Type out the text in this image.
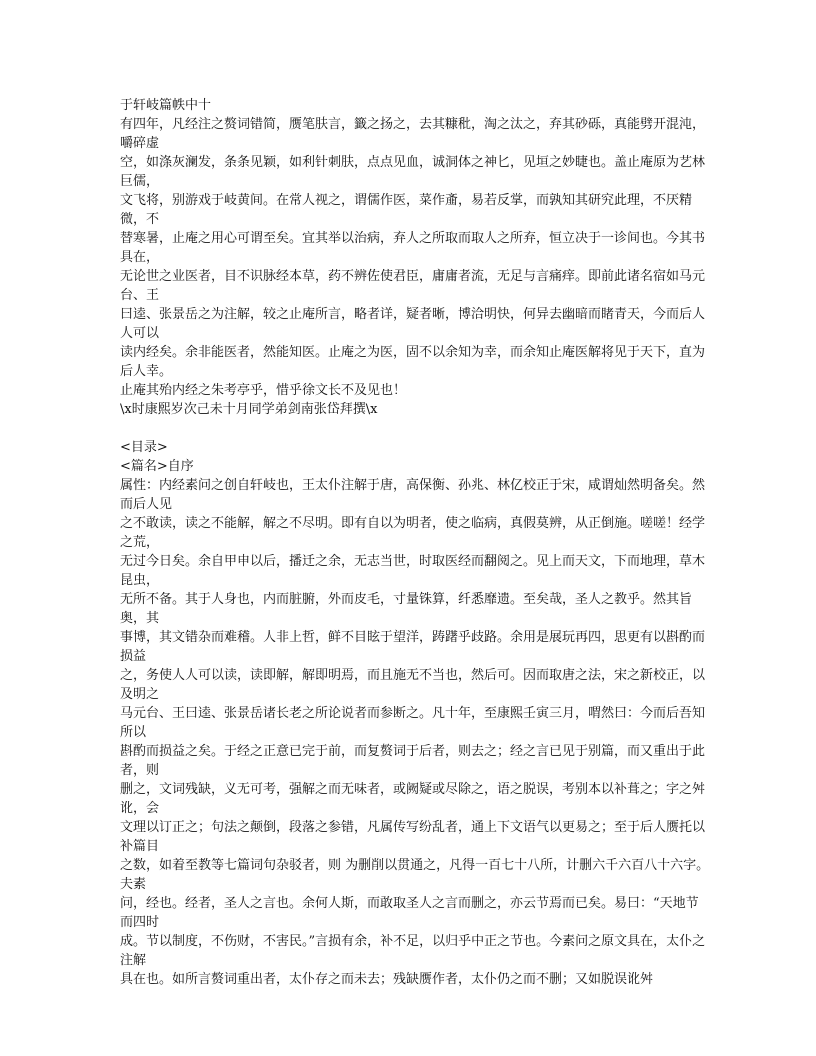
于轩岐篇帙中十

有四年，凡经注之赘词错简，赝笔肤言，籤之扬之，去其糠秕，淘之汰之，弃其砂砾，真能劈开混沌，嚼碎虚

空，如涤灰澜发，条条见颖，如利针刺肤，点点见血，诚洞体之神匕，见垣之妙睫也。盖止庵原为艺林巨儒，

文飞将，别游戏于岐黄间。在常人视之，谓儒作医，菜作齑，易若反掌，而孰知其研究此理，不厌精微，不

替寒暑，止庵之用心可谓至矣。宜其举以治病，弃人之所取而取人之所弃，恒立决于一诊间也。今其书具在，

无论世之业医者，目不识脉经本草，药不辨佐使君臣，庸庸者流，无足与言痛痒。即前此诸名宿如马元台、王

曰逵、张景岳之为注解，较之止庵所言，略者详，疑者晰，博洽明快，何异去幽暗而睹青天，今而后人人可以

读内经矣。余非能医者，然能知医。止庵之为医，固不以余知为幸，而余知止庵医解将见于天下，直为后人幸。

止庵其殆内经之朱考亭乎，惜乎徐文长不及见也！

\x时康熙岁次己未十月同学弟剑南张岱拜撰\x

<目录>

<篇名>自序

属性：内经素问之创自轩岐也，王太仆注解于唐，高保衡、孙兆、林亿校正于宋，咸谓灿然明备矣。然而后人见

之不敢读，读之不能解，解之不尽明。即有自以为明者，使之临病，真假莫辨，从正倒施。嗟嗟！经学之荒，

无过今日矣。余自甲申以后，播迁之余，无志当世，时取医经而翻阅之。见上而天文，下而地理，草木昆虫，

无所不备。其于人身也，内而脏腑，外而皮毛，寸量铢算，纤悉靡遗。至矣哉，圣人之教乎。然其旨奥，其

事博，其文错杂而难稽。人非上哲，鲜不目眩于望洋，踌躇乎歧路。余用是展玩再四，思更有以斟酌而损益

之，务使人人可以读，读即解，解即明焉，而且施无不当也，然后可。因而取唐之法，宋之新校正，以及明之

马元台、王曰逵、张景岳诸长老之所论说者而参断之。凡十年，至康熙壬寅三月，喟然曰：今而后吾知所以

斟酌而损益之矣。于经之正意已完于前，而复赘词于后者，则去之；经之言已见于别篇，而又重出于此者，则

删之，文词残缺，义无可考，强解之而无味者，或阙疑或尽除之，语之脱误，考别本以补葺之；字之舛讹，会

文理以订正之；句法之颠倒，段落之参错，凡属传写纷乱者，通上下文语气以更易之；至于后人赝托以补篇目

之数，如着至教等七篇词句杂驳者，则 为删削以贯通之，凡得一百七十八所，计删六千六百八十六字。夫素

问，经也。经者，圣人之言也。余何人斯，而敢取圣人之言而删之，亦云节焉而已矣。易曰：“天地节而四时

成。节以制度，不伤财，不害民。”言损有余，补不足，以归乎中正之节也。今素问之原文具在，太仆之注解

具在也。如所言赘词重出者，太仆存之而未去；残缺赝作者，太仆仍之而不删；又如脱误讹舛
